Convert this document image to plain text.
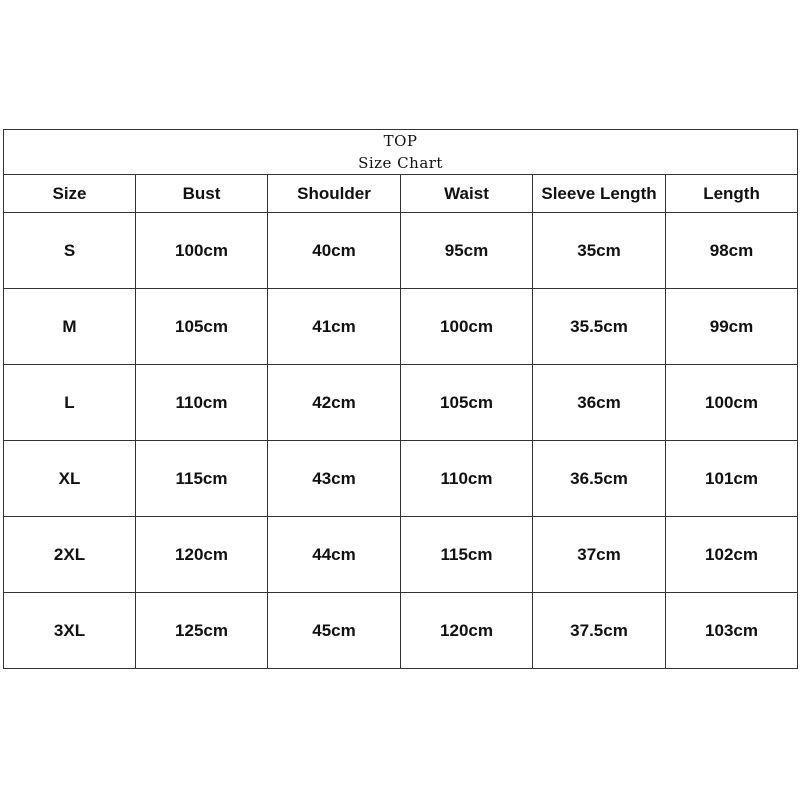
TOP
Size Chart					

Size	Bust	Shoulder	Waist	Sleeve Length	Length
S	100cm	40cm	95cm	35cm	98cm
M	105cm	41cm	100cm	35.5cm	99cm
L	110cm	42cm	105cm	36cm	100cm
XL	115cm	43cm	110cm	36.5cm	101cm
2XL	120cm	44cm	115cm	37cm	102cm
3XL	125cm	45cm	120cm	37.5cm	103cm
